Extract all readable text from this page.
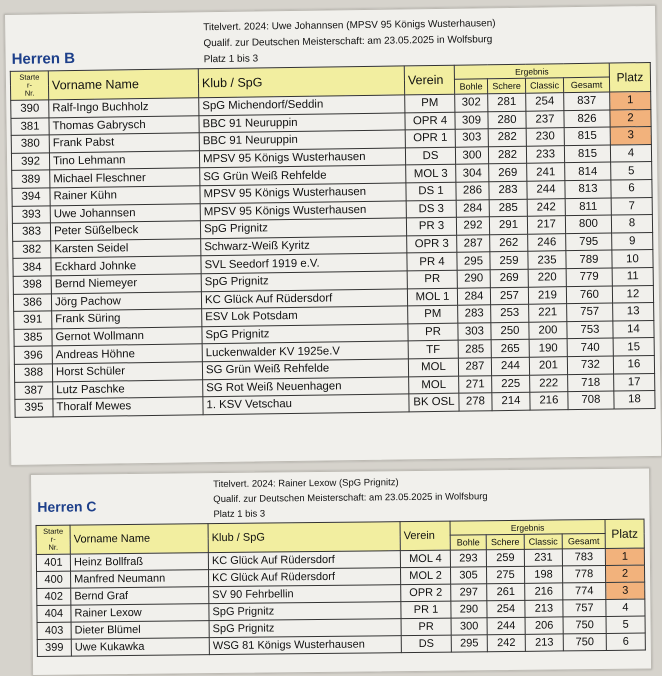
Titelvert. 2024: Uwe Johannsen (MPSV 95 Königs Wusterhausen)
Qualif. zur Deutschen Meisterschaft: am 23.05.2025 in Wolfsburg
Platz 1 bis 3
Herren B
Starte
r-
Nr.	Vorname Name	Klub / SpG	Verein	Ergebnis				Platz
				Bohle	Schere	Classic	Gesamt	
390	Ralf-Ingo Buchholz	SpG Michendorf/Seddin	PM	302	281	254	837	1
381	Thomas Gabrysch	BBC 91 Neuruppin	OPR 4	309	280	237	826	2
380	Frank Pabst	BBC 91 Neuruppin	OPR 1	303	282	230	815	3
392	Tino Lehmann	MPSV 95 Königs Wusterhausen	DS	300	282	233	815	4
389	Michael Fleschner	SG Grün Weiß Rehfelde	MOL 3	304	269	241	814	5
394	Rainer Kühn	MPSV 95 Königs Wusterhausen	DS 1	286	283	244	813	6
393	Uwe Johannsen	MPSV 95 Königs Wusterhausen	DS 3	284	285	242	811	7
383	Peter Süßelbeck	SpG Prignitz	PR 3	292	291	217	800	8
382	Karsten Seidel	Schwarz-Weiß Kyritz	OPR 3	287	262	246	795	9
384	Eckhard Johnke	SVL Seedorf 1919 e.V.	PR 4	295	259	235	789	10
398	Bernd Niemeyer	SpG Prignitz	PR	290	269	220	779	11
386	Jörg Pachow	KC Glück Auf Rüdersdorf	MOL 1	284	257	219	760	12
391	Frank Süring	ESV Lok Potsdam	PM	283	253	221	757	13
385	Gernot Wollmann	SpG Prignitz	PR	303	250	200	753	14
396	Andreas Höhne	Luckenwalder KV 1925e.V	TF	285	265	190	740	15
388	Horst Schüler	SG Grün Weiß Rehfelde	MOL	287	244	201	732	16
387	Lutz Paschke	SG Rot Weiß Neuenhagen	MOL	271	225	222	718	17
395	Thoralf Mewes	1. KSV Vetschau	BK OSL	278	214	216	708	18
Titelvert. 2024: Rainer Lexow (SpG Prignitz)
Qualif. zur Deutschen Meisterschaft: am 23.05.2025 in Wolfsburg
Platz 1 bis 3
Herren C
Starte
r-
Nr.	Vorname Name	Klub / SpG	Verein	Ergebnis				Platz
				Bohle	Schere	Classic	Gesamt	
401	Heinz Bollfraß	KC Glück Auf Rüdersdorf	MOL 4	293	259	231	783	1
400	Manfred Neumann	KC Glück Auf Rüdersdorf	MOL 2	305	275	198	778	2
402	Bernd Graf	SV 90 Fehrbellin	OPR 2	297	261	216	774	3
404	Rainer Lexow	SpG Prignitz	PR 1	290	254	213	757	4
403	Dieter Blümel	SpG Prignitz	PR	300	244	206	750	5
399	Uwe Kukawka	WSG 81 Königs Wusterhausen	DS	295	242	213	750	6
